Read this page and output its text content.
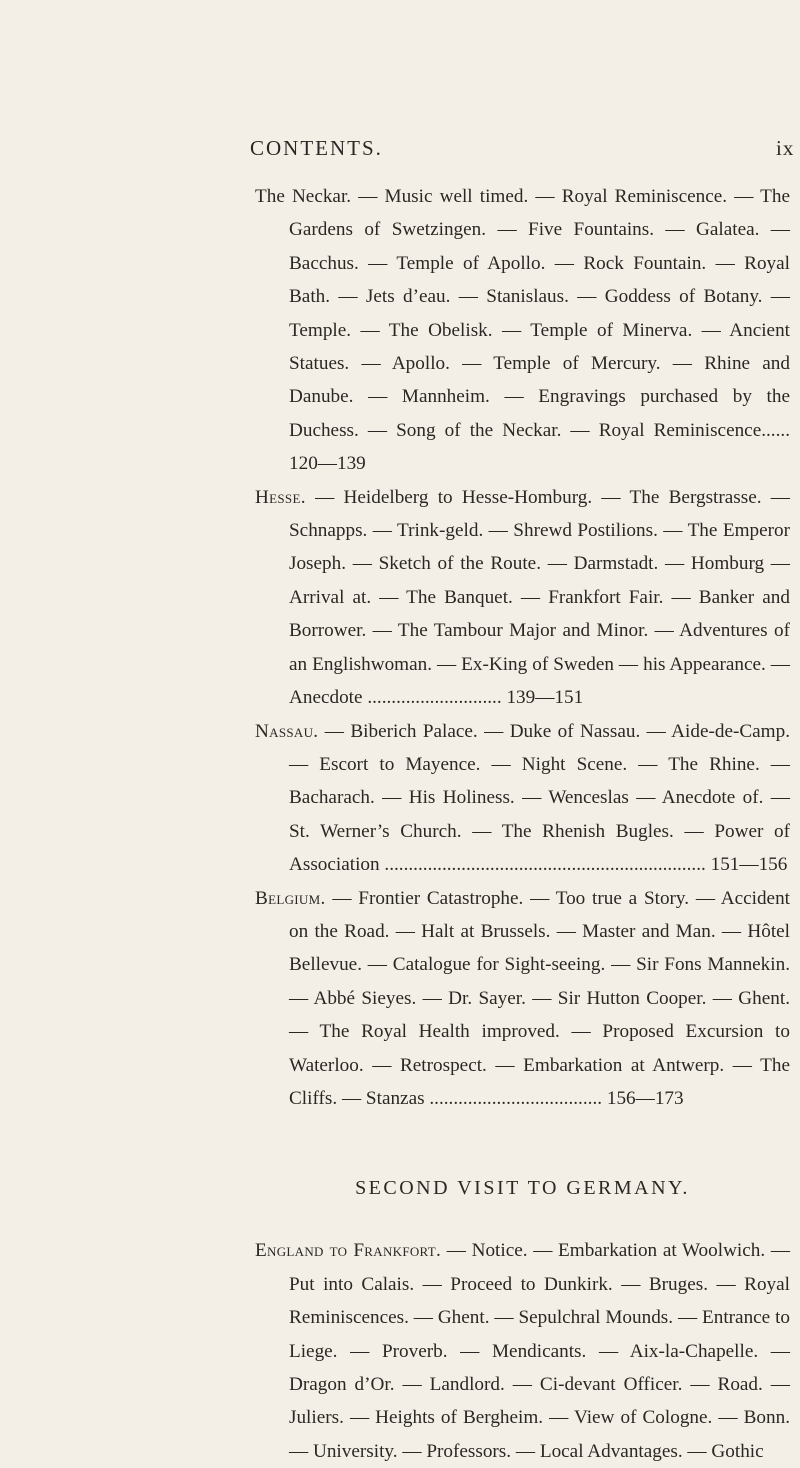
CONTENTS.	ix

The Neckar. — Music well timed. — Royal Reminiscence. — The Gardens of Swetzingen. — Five Fountains. — Galatea. — Bacchus. — Temple of Apollo. — Rock Fountain. — Royal Bath. — Jets d’eau. — Stanislaus. — Goddess of Botany. — Temple. — The Obelisk. — Temple of Minerva. — Ancient Statues. — Apollo. — Temple of Mercury. — Rhine and Danube. — Mannheim. — Engravings purchased by the Duchess. — Song of the Neckar. — Royal Reminiscence...... 120—139

Hesse. — Heidelberg to Hesse-Homburg. — The Bergstrasse. — Schnapps. — Trink-geld. — Shrewd Postilions. — The Emperor Joseph. — Sketch of the Route. — Darmstadt. — Homburg — Arrival at. — The Banquet. — Frankfort Fair. — Banker and Borrower. — The Tambour Major and Minor. — Adventures of an Englishwoman. — Ex-King of Sweden — his Appearance. — Anecdote ............................ 139—151

Nassau. — Biberich Palace. — Duke of Nassau. — Aide-de-Camp. — Escort to Mayence. — Night Scene. — The Rhine. — Bacharach. — His Holiness. — Wenceslas — Anecdote of. — St. Werner’s Church. — The Rhenish Bugles. — Power of Association ................................................................... 151—156

Belgium. — Frontier Catastrophe. — Too true a Story. — Accident on the Road. — Halt at Brussels. — Master and Man. — Hôtel Bellevue. — Catalogue for Sight-seeing. — Sir Fons Mannekin. — Abbé Sieyes. — Dr. Sayer. — Sir Hutton Cooper. — Ghent. — The Royal Health improved. — Proposed Excursion to Waterloo. — Retrospect. — Embarkation at Antwerp. — The Cliffs. — Stanzas .................................... 156—173

SECOND VISIT TO GERMANY.

England to Frankfort. — Notice. — Embarkation at Woolwich. — Put into Calais. — Proceed to Dunkirk. — Bruges. — Royal Reminiscences. — Ghent. — Sepulchral Mounds. — Entrance to Liege. — Proverb. — Mendicants. — Aix-la-Chapelle. — Dragon d’Or. — Landlord. — Ci-devant Officer. — Road. — Juliers. — Heights of Bergheim. — View of Cologne. — Bonn. — University. — Professors. — Local Advantages. — Gothic
